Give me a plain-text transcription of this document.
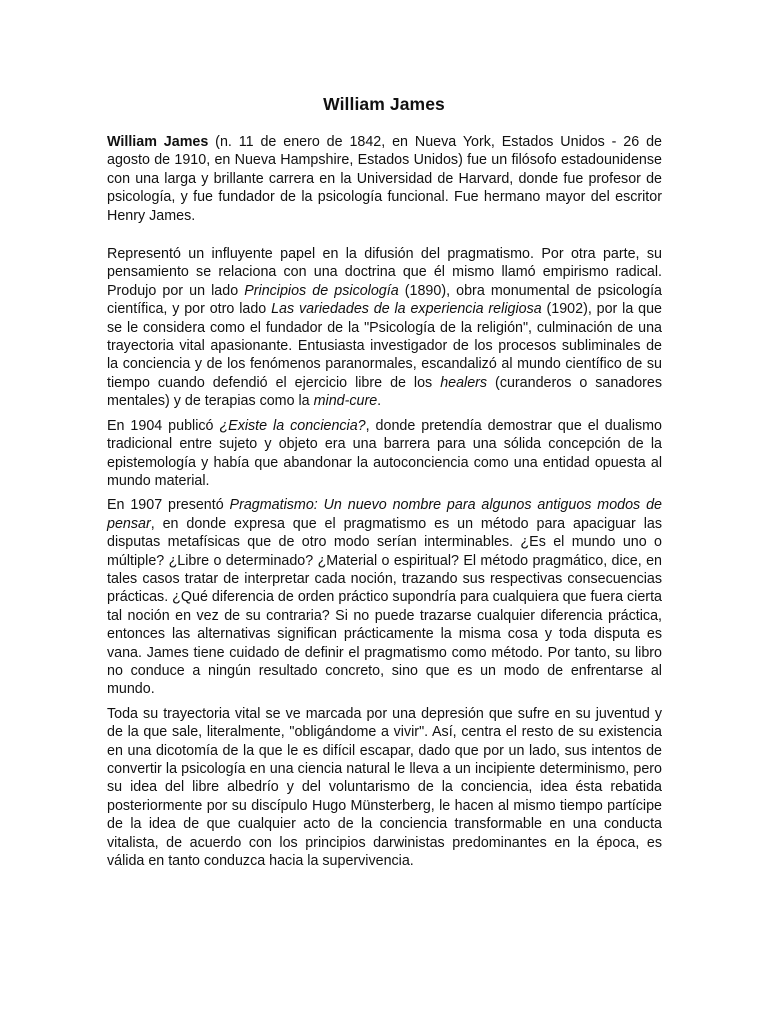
William James

William James (n. 11 de enero de 1842, en Nueva York, Estados Unidos - 26 de agosto de 1910, en Nueva Hampshire, Estados Unidos) fue un filósofo estadounidense con una larga y brillante carrera en la Universidad de Harvard, donde fue profesor de psicología, y fue fundador de la psicología funcional. Fue hermano mayor del escritor Henry James.

Representó un influyente papel en la difusión del pragmatismo. Por otra parte, su pensamiento se relaciona con una doctrina que él mismo llamó empirismo radical. Produjo por un lado Principios de psicología (1890), obra monumental de psicología científica, y por otro lado Las variedades de la experiencia religiosa (1902), por la que se le considera como el fundador de la "Psicología de la religión", culminación de una trayectoria vital apasionante. Entusiasta investigador de los procesos subliminales de la conciencia y de los fenómenos paranormales, escandalizó al mundo científico de su tiempo cuando defendió el ejercicio libre de los healers (curanderos o sanadores mentales) y de terapias como la mind-cure.

En 1904 publicó ¿Existe la conciencia?, donde pretendía demostrar que el dualismo tradicional entre sujeto y objeto era una barrera para una sólida concepción de la epistemología y había que abandonar la autoconciencia como una entidad opuesta al mundo material.

En 1907 presentó Pragmatismo: Un nuevo nombre para algunos antiguos modos de pensar, en donde expresa que el pragmatismo es un método para apaciguar las disputas metafísicas que de otro modo serían interminables. ¿Es el mundo uno o múltiple? ¿Libre o determinado? ¿Material o espiritual? El método pragmático, dice, en tales casos tratar de interpretar cada noción, trazando sus respectivas consecuencias prácticas. ¿Qué diferencia de orden práctico supondría para cualquiera que fuera cierta tal noción en vez de su contraria? Si no puede trazarse cualquier diferencia práctica, entonces las alternativas significan prácticamente la misma cosa y toda disputa es vana. James tiene cuidado de definir el pragmatismo como método. Por tanto, su libro no conduce a ningún resultado concreto, sino que es un modo de enfrentarse al mundo.

Toda su trayectoria vital se ve marcada por una depresión que sufre en su juventud y de la que sale, literalmente, "obligándome a vivir". Así, centra el resto de su existencia en una dicotomía de la que le es difícil escapar, dado que por un lado, sus intentos de convertir la psicología en una ciencia natural le lleva a un incipiente determinismo, pero su idea del libre albedrío y del voluntarismo de la conciencia, idea ésta rebatida posteriormente por su discípulo Hugo Münsterberg, le hacen al mismo tiempo partícipe de la idea de que cualquier acto de la conciencia transformable en una conducta vitalista, de acuerdo con los principios darwinistas predominantes en la época, es válida en tanto conduzca hacia la supervivencia.
